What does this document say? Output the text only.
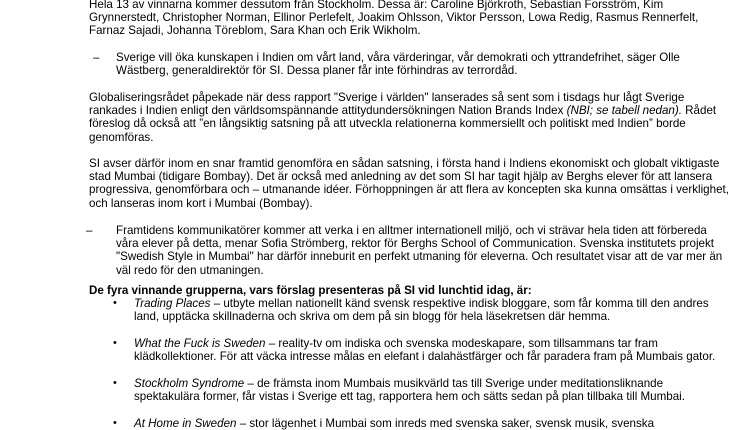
Hela 13 av vinnarna kommer dessutom från Stockholm. Dessa är: Caroline Björkroth, Sebastian Forsström, Kim Grynnerstedt, Christopher Norman, Ellinor Perlefelt, Joakim Ohlsson, Viktor Persson, Lowa Redig, Rasmus Rennerfelt, Farnaz Sajadi, Johanna Töreblom, Sara Khan och Erik Wikholm.

– Sverige vill öka kunskapen i Indien om vårt land, våra värderingar, vår demokrati och yttrandefrihet, säger Olle Wästberg, generaldirektör för SI. Dessa planer får inte förhindras av terrordåd.

Globaliseringsrådet påpekade när dess rapport "Sverige i världen" lanserades så sent som i tisdags hur lågt Sverige rankades i Indien enligt den världsomspännande attitydundersökningen Nation Brands Index (NBI; se tabell nedan). Rådet föreslog då också att ”en långsiktig satsning på att utveckla relationerna kommersiellt och politiskt med Indien” borde genomföras.

SI avser därför inom en snar framtid genomföra en sådan satsning, i första hand i Indiens ekonomiskt och globalt viktigaste stad Mumbai (tidigare Bombay). Det är också med anledning av det som SI har tagit hjälp av Berghs elever för att lansera progressiva, genomförbara och – utmanande idéer. Förhoppningen är att flera av koncepten ska kunna omsättas i verklighet, och lanseras inom kort i Mumbai (Bombay).

– Framtidens kommunikatörer kommer att verka i en alltmer internationell miljö, och vi strävar hela tiden att förbereda våra elever på detta, menar Sofia Strömberg, rektor för Berghs School of Communication. Svenska institutets projekt "Swedish Style in Mumbai" har därför inneburit en perfekt utmaning för eleverna. Och resultatet visar att de var mer än väl redo för den utmaningen.

De fyra vinnande grupperna, vars förslag presenteras på SI vid lunchtid idag, är:

• Trading Places – utbyte mellan nationellt känd svensk respektive indisk bloggare, som får komma till den andres land, upptäcka skillnaderna och skriva om dem på sin blogg för hela läsekretsen där hemma.
• What the Fuck is Sweden – reality-tv om indiska och svenska modeskapare, som tillsammans tar fram klädkollektioner. För att väcka intresse målas en elefant i dalahästfärger och får paradera fram på Mumbais gator.
• Stockholm Syndrome – de främsta inom Mumbais musikvärld tas till Sverige under meditationsliknande spektakulära former, får vistas i Sverige ett tag, rapportera hem och sätts sedan på plan tillbaka till Mumbai.
• At Home in Sweden – stor lägenhet i Mumbai som inreds med svenska saker, svensk musik, svenska
